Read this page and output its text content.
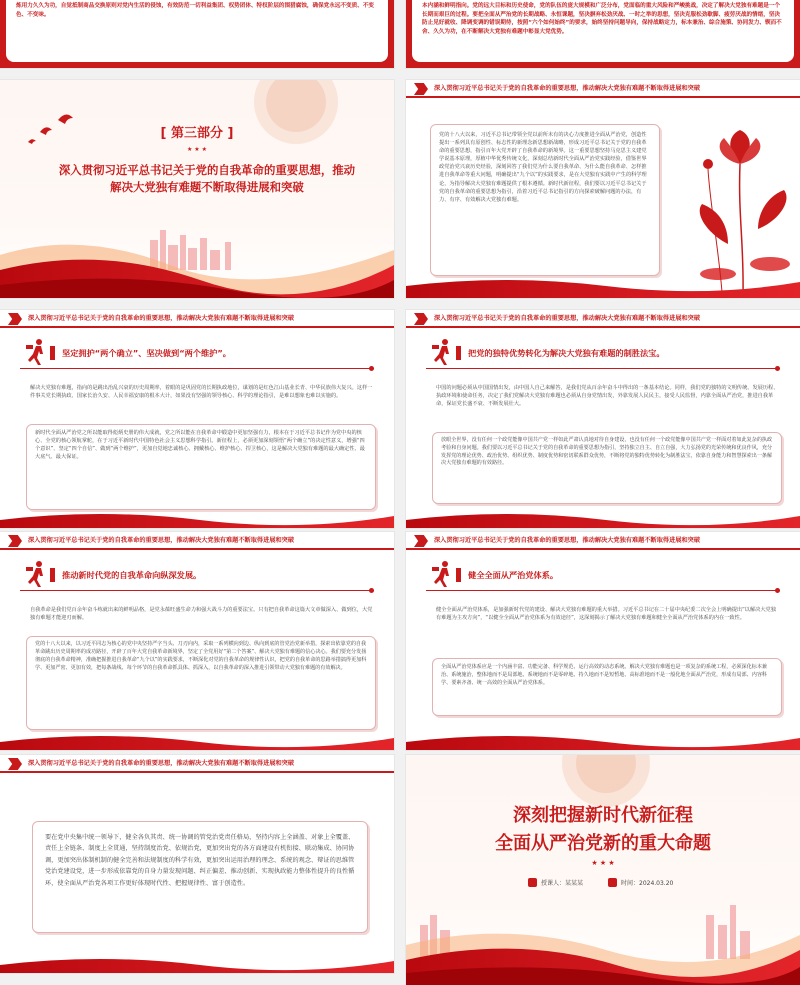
炼用力久久为功，自觉抵制商品交换原则对党内生活的侵蚀，有效防范一切利益集团、权势团体、特权阶层的围猎腐蚀，确保党永远不变质、不变色、不变味。

本内涵和鲜明指向。党的远大目标和历史使命，党的队伍的庞大规模和广泛分布，党面临的重大风险和严峻挑战，决定了解决大党独有难题是一个长期而艰巨的过程。要把全面从严治党的长期战略、永恒课题，坚决摒弃松劲厌战、一时之举的思想，坚决克服松劲歇脚、疲劳厌战的情绪，坚决防止见好就收、降调变调的错误期待，按照“六个如何始终”的要求，始终坚持问题导向，保持战略定力，标本兼治、综合施策、协同发力、锲而不舍、久久为功，在不断解决大党独有难题中彰显大党优势。

[ 第三部分 ]
★ ★ ★
深入贯彻习近平总书记关于党的自我革命的重要思想，推动解决大党独有难题不断取得进展和突破
深入贯彻习近平总书记关于党的自我革命的重要思想，推动解决大党独有难题不断取得进展和突破

党的十八大以来，习近平总书记带领全党以前所未有的决心力度推进全面从严治党，创造性提出一系列具有原创性、标志性的新理念新思想新战略，形成习近平总书记关于党的自我革命的重要思想，指引百年大党开辟了自我革命的新境界。这一重要思想坚持马克思主义建党学说基本原理，厚植中华优秀传统文化，深刻总结新时代全面从严治党实践经验，借鉴世界政党治党兴衰历史经验，深刻回答了我们党为什么要自我革命、为什么能自我革命、怎样推进自我革命等重大问题，明确提出“九个以”的实践要求，是在大党独有实践中产生的科学理论，为指导解决大党独有难题提供了根本遵循。新时代新征程，我们要以习近平总书记关于党的自我革命的重要思想为指引，沿着习近平总书记指引的方向探索破解问题的办法，有力、有序、有效解决大党独有难题。

深入贯彻习近平总书记关于党的自我革命的重要思想，推动解决大党独有难题不断取得进展和突破
坚定拥护“两个确立”、坚决做到“两个维护”。

解决大党独有难题，指向的是跳出治乱兴衰的历史周期率，着眼的是巩固党的长期执政地位，谋划的是红色江山基业长青、中华民族伟大复兴。这样一件事关党长期执政、国家长治久安、人民幸福安康的根本大计，如果没有坚强的领导核心、科学的理论指引，是难以想象也难以实施的。

新时代全面从严治党之所以能取得彪炳史册的伟大成就，党之所以能在自我革命中锻造中更加坚强有力，根本在于习近平总书记作为党中央的核心、全党的核心领航掌舵，在于习近平新时代中国特色社会主义思想科学指引。新征程上，必须更加深刻领悟“两个确立”的决定性意义，增强“四个意识”、坚定“四个自信”、做到“两个维护”，更加自觉地忠诚核心、拥戴核心、维护核心、捍卫核心，这是解决大党独有难题的最大确定性、最大底气、最大保证。

深入贯彻习近平总书记关于党的自我革命的重要思想，推动解决大党独有难题不断取得进展和突破
把党的独特优势转化为解决大党独有难题的制胜法宝。

中国的问题必须从中国国情出发，由中国人自己来解答，是我们党从百余年奋斗中得出的一条基本结论。同样，我们党的独特的文明传统、发展历程、执政环境和使命任务，决定了我们党解决大党独有难题也必须从自身党情出发，外靠发展人民民主，接受人民监督，内靠全面从严治党，推进自我革命，保证党长盛不衰、不断发展壮大。

放眼全世界，没有任何一个政党能像中国共产党一样如此严肃认真地对待自身建设，也没有任何一个政党能像中国共产党一样面对着如此复杂的执政考验和自身问题。我们要以习近平总书记关于党的自我革命的重要思想为指引，坚持独立自主、自立自强，大力弘扬党的光荣传统和优良作风，充分发挥党的理论优势、政治优势、组织优势、制度优势和密切联系群众优势，不断将党的独特优势转化为制胜法宝，依靠自身能力和智慧探索出一条解决大党独有难题的有效路径。

深入贯彻习近平总书记关于党的自我革命的重要思想，推动解决大党独有难题不断取得进展和突破
推动新时代党的自我革命向纵深发展。

自我革命是我们党百余年奋斗练就出来的鲜明品格，是党永葆旺盛生命力和强大战斗力的重要法宝。只有把自我革命这篇大文章做深入、做到位，大党独有难题才能迎刃而解。

党的十八大以来，以习近平同志为核心的党中央坚持严字当头、刀刃向内，采取一系列横向到边、纵向到底的管党治党新举措，探索出依靠党的自我革命跳出历史周期率的成功路径，开辟了百年大党自我革命新境界，坚定了全党用好“第二个答案”、解决大党独有难题的信心决心。我们要充分发扬彻底的自我革命精神，准确把握推进自我革命“九个以”的实践要求，不断深化对党的自我革命的规律性认识，把党的自我革命的思路举措搞得更加科学、更加严密、更加有效，把每条战线、每个环节的自我革命抓具体、抓深入，以自我革命的深入推进引领带动大党独有难题的有效解决。

深入贯彻习近平总书记关于党的自我革命的重要思想，推动解决大党独有难题不断取得进展和突破
健全全面从严治党体系。

健全全面从严治党体系，是加强新时代党的建设、解决大党独有难题的重大举措。习近平总书记在二十届中央纪委二次全会上明确提出“以解决大党独有难题为主攻方向”，“以健全全面从严治党体系为有效途径”，这深刻揭示了解决大党独有难题和健全全面从严治党体系的内在一致性。

全面从严治党体系应是一个内涵丰富、功能完备、科学规范、运行高效的动态系统。解决大党独有难题也是一项复杂的系统工程，必须深化标本兼治、系统施治，整体地而不是局部地、系统地而不是零碎地、持久地而不是短暂地、高标准地而不是一般化地全面从严治党，形成有局部、内容科学、要素齐备、统一高效的全面从严治党体系。

深入贯彻习近平总书记关于党的自我革命的重要思想，推动解决大党独有难题不断取得进展和突破

要在党中央集中统一领导下，健全各负其责、统一协调的管党治党责任格局，坚持内容上全涵盖、对象上全覆盖、责任上全链条、制度上全贯通，坚持制度治党、依规治党，更加突出党的各方面建设有机衔接、联动集成、协同协调，更加突出体制机制的健全完善和法规制度的科学有效，更加突出运用治理的理念、系统的观念、辩证的思维管党治党建设党，进一步形成依靠党的自身力量发现问题、纠正偏差、推动创新、实现执政能力整体性提升的良性循环，使全面从严治党各项工作更好体现时代性、把握规律性、富于创造性。

深刻把握新时代新征程
全面从严治党新的重大命题
★ ★ ★
授课人：某某某	时间：2024.03.20
